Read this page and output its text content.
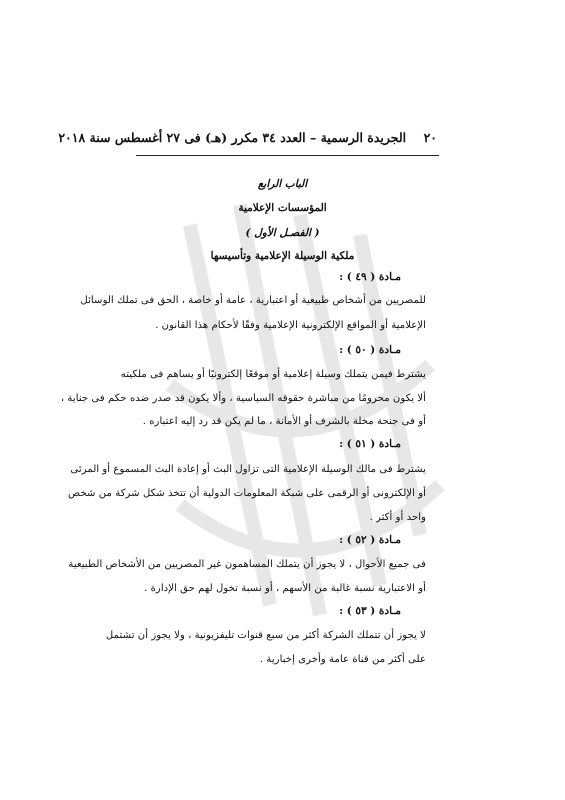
٢٠    الجريدة الرسمية – العدد ٣٤ مكرر (هـ) فى ٢٧ أغسطس سنة ٢٠١٨
الباب الرابع
المؤسسات الإعلامية
( الفصـل الأول )
ملكية الوسيلة الإعلامية وتأسيسها
مـادة ( ٤٩ ) :
للمصريين من أشخاص طبيعية أو اعتبارية ، عامة أو خاصة ، الحق فى تملك الوسائل
الإعلامية أو المواقع الإلكترونية الإعلامية وفقًا لأحكام هذا القانون .
مـادة ( ٥٠ ) :
يشترط فيمن يتملك وسيلة إعلامية أو موقعًا إلكترونيًا أو يساهم فى ملكيته
ألا يكون محرومًا من مباشرة حقوقه السياسية ، وألا يكون قد صدر ضده حكم فى جناية ،
أو فى جنحة مخلة بالشرف أو الأمانة ، ما لم يكن قد رد إليه اعتباره .
مـادة ( ٥١ ) :
يشترط فى مالك الوسيلة الإعلامية التى تزاول البث أو إعادة البث المسموع أو المرئى
أو الإلكترونى أو الرقمى على شبكة المعلومات الدولية أن تتخذ شكل شركة من شخص
واحد أو أكثر .
مـادة ( ٥٢ ) :
فى جميع الأحوال ، لا يجوز أن يتملك المساهمون غير المصريين من الأشخاص الطبيعية
أو الاعتبارية نسبة غالبة من الأسهم ، أو نسبة تخول لهم حق الإدارة .
مـادة ( ٥٣ ) :
لا يجوز أن تتملك الشركة أكثر من سبع قنوات تليفزيونية ، ولا يجوز أن تشتمل
على أكثر من قناة عامة وأخرى إخبارية .
